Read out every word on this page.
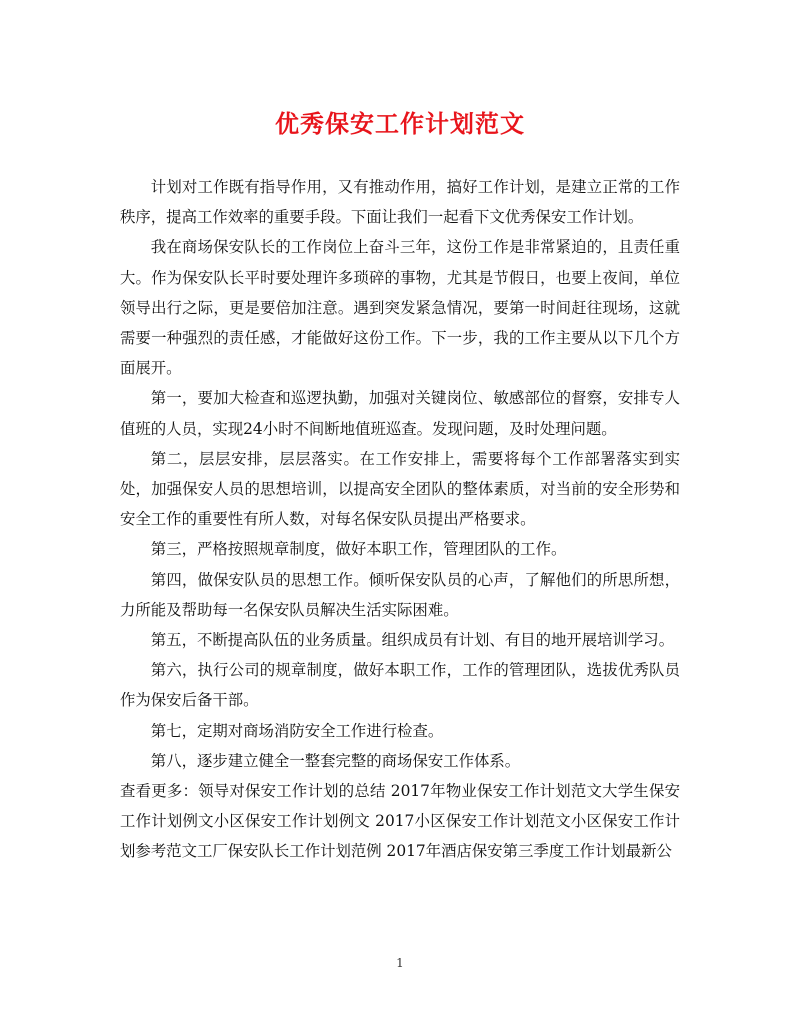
优秀保安工作计划范文

计划对工作既有指导作用，又有推动作用，搞好工作计划，是建立正常的工作秩序，提高工作效率的重要手段。下面让我们一起看下文优秀保安工作计划。

我在商场保安队长的工作岗位上奋斗三年，这份工作是非常紧迫的，且责任重大。作为保安队长平时要处理许多琐碎的事物，尤其是节假日，也要上夜间，单位领导出行之际，更是要倍加注意。遇到突发紧急情况，要第一时间赶往现场，这就需要一种强烈的责任感，才能做好这份工作。下一步，我的工作主要从以下几个方面展开。

第一，要加大检查和巡逻执勤，加强对关键岗位、敏感部位的督察，安排专人值班的人员，实现24小时不间断地值班巡查。发现问题，及时处理问题。

第二，层层安排，层层落实。在工作安排上，需要将每个工作部署落实到实处，加强保安人员的思想培训，以提高安全团队的整体素质，对当前的安全形势和安全工作的重要性有所人数，对每名保安队员提出严格要求。

第三，严格按照规章制度，做好本职工作，管理团队的工作。

第四，做保安队员的思想工作。倾听保安队员的心声，了解他们的所思所想，力所能及帮助每一名保安队员解决生活实际困难。

第五，不断提高队伍的业务质量。组织成员有计划、有目的地开展培训学习。

第六，执行公司的规章制度，做好本职工作，工作的管理团队，选拔优秀队员作为保安后备干部。

第七，定期对商场消防安全工作进行检查。

第八，逐步建立健全一整套完整的商场保安工作体系。

查看更多：领导对保安工作计划的总结 2017年物业保安工作计划范文大学生保安工作计划例文小区保安工作计划例文 2017小区保安工作计划范文小区保安工作计划参考范文工厂保安队长工作计划范例 2017年酒店保安第三季度工作计划最新公

1
